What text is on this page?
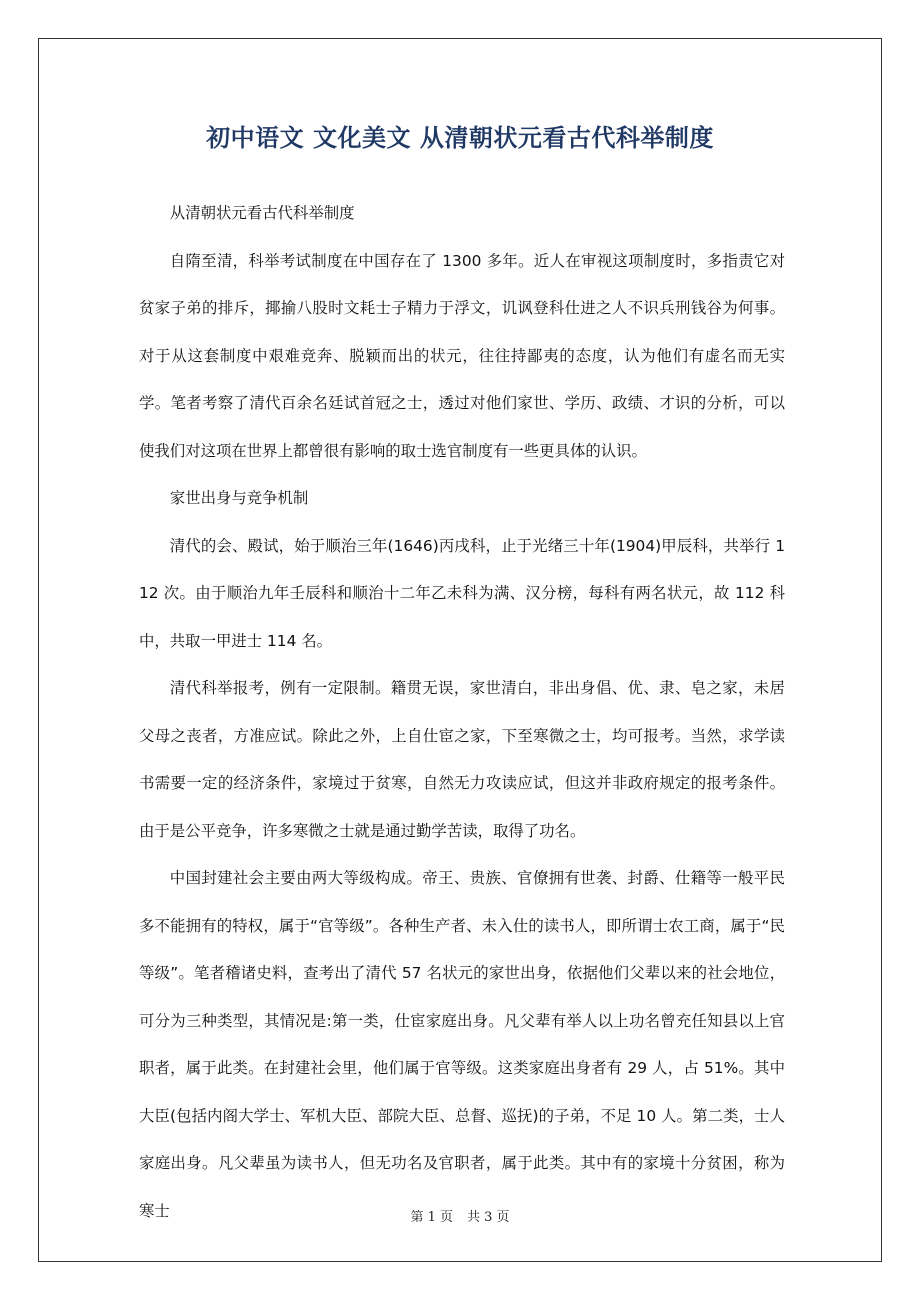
初中语文 文化美文 从清朝状元看古代科举制度

从清朝状元看古代科举制度

自隋至清，科举考试制度在中国存在了 1300 多年。近人在审视这项制度时，多指责它对贫家子弟的排斥，揶揄八股时文耗士子精力于浮文，讥讽登科仕进之人不识兵刑钱谷为何事。对于从这套制度中艰难竞奔、脱颖而出的状元，往往持鄙夷的态度，认为他们有虚名而无实学。笔者考察了清代百余名廷试首冠之士，透过对他们家世、学历、政绩、才识的分析，可以使我们对这项在世界上都曾很有影响的取士选官制度有一些更具体的认识。

家世出身与竞争机制

清代的会、殿试，始于顺治三年(1646)丙戌科，止于光绪三十年(1904)甲辰科，共举行 112 次。由于顺治九年壬辰科和顺治十二年乙未科为满、汉分榜，每科有两名状元，故 112 科中，共取一甲进士 114 名。

清代科举报考，例有一定限制。籍贯无误，家世清白，非出身倡、优、隶、皂之家，未居父母之丧者，方准应试。除此之外，上自仕宦之家，下至寒微之士，均可报考。当然，求学读书需要一定的经济条件，家境过于贫寒，自然无力攻读应试，但这并非政府规定的报考条件。由于是公平竞争，许多寒微之士就是通过勤学苦读，取得了功名。

中国封建社会主要由两大等级构成。帝王、贵族、官僚拥有世袭、封爵、仕籍等一般平民多不能拥有的特权，属于“官等级”。各种生产者、未入仕的读书人，即所谓士农工商，属于“民等级”。笔者稽诸史料，查考出了清代 57 名状元的家世出身，依据他们父辈以来的社会地位，可分为三种类型，其情况是:第一类，仕宦家庭出身。凡父辈有举人以上功名曾充任知县以上官职者，属于此类。在封建社会里，他们属于官等级。这类家庭出身者有 29 人，占 51%。其中大臣(包括内阁大学士、军机大臣、部院大臣、总督、巡抚)的子弟，不足 10 人。第二类，士人家庭出身。凡父辈虽为读书人，但无功名及官职者，属于此类。其中有的家境十分贫困，称为寒士	第 1 页 共 3 页
